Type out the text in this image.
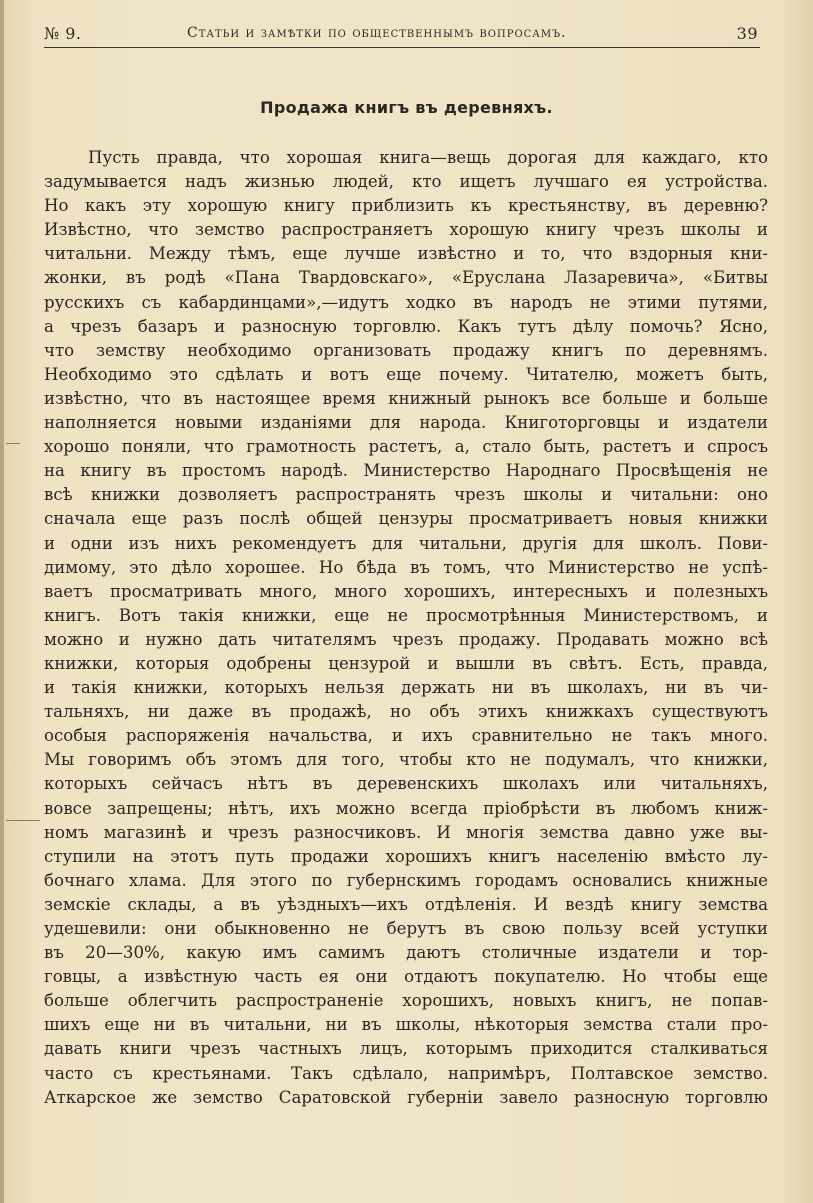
№ 9.	Статьи и замѣтки по общественнымъ вопросамъ.	39
Продажа книгъ въ деревняхъ.
Пусть правда, что хорошая книга—вещь дорогая для каждаго, кто
задумывается надъ жизнью людей, кто ищетъ лучшаго ея устройства.
Но какъ эту хорошую книгу приблизить къ крестьянству, въ деревню?
Извѣстно, что земство распространяетъ хорошую книгу чрезъ школы и
читальни. Между тѣмъ, еще лучше извѣстно и то, что вздорныя кни-
жонки, въ родѣ «Пана Твардовскаго», «Еруслана Лазаревича», «Битвы
русскихъ съ кабардинцами»,—идутъ ходко въ народъ не этими путями,
а чрезъ базаръ и разносную торговлю. Какъ тутъ дѣлу помочь? Ясно,
что земству необходимо организовать продажу книгъ по деревнямъ.
Необходимо это сдѣлать и вотъ еще почему. Читателю, можетъ быть,
извѣстно, что въ настоящее время книжный рынокъ все больше и больше
наполняется новыми изданіями для народа. Книготорговцы и издатели
хорошо поняли, что грамотность растетъ, а, стало быть, растетъ и спросъ
на книгу въ простомъ народѣ. Министерство Народнаго Просвѣщенія не
всѣ книжки дозволяетъ распространять чрезъ школы и читальни: оно
сначала еще разъ послѣ общей цензуры просматриваетъ новыя книжки
и одни изъ нихъ рекомендуетъ для читальни, другія для школъ. Пови-
димому, это дѣло хорошее. Но бѣда въ томъ, что Министерство не успѣ-
ваетъ просматривать много, много хорошихъ, интересныхъ и полезныхъ
книгъ. Вотъ такія книжки, еще не просмотрѣнныя Министерствомъ, и
можно и нужно дать читателямъ чрезъ продажу. Продавать можно всѣ
книжки, которыя одобрены цензурой и вышли въ свѣтъ. Есть, правда,
и такія книжки, которыхъ нельзя держать ни въ школахъ, ни въ чи-
тальняхъ, ни даже въ продажѣ, но объ этихъ книжкахъ существуютъ
особыя распоряженія начальства, и ихъ сравнительно не такъ много.
Мы говоримъ объ этомъ для того, чтобы кто не подумалъ, что книжки,
которыхъ сейчасъ нѣтъ въ деревенскихъ школахъ или читальняхъ,
вовсе запрещены; нѣтъ, ихъ можно всегда пріобрѣсти въ любомъ книж-
номъ магазинѣ и чрезъ разносчиковъ. И многія земства давно уже вы-
ступили на этотъ путь продажи хорошихъ книгъ населенію вмѣсто лу-
бочнаго хлама. Для этого по губернскимъ городамъ основались книжные
земскіе склады, а въ уѣздныхъ—ихъ отдѣленія. И вездѣ книгу земства
удешевили: они обыкновенно не берутъ въ свою пользу всей уступки
въ 20—30%, какую имъ самимъ даютъ столичные издатели и тор-
говцы, а извѣстную часть ея они отдаютъ покупателю. Но чтобы еще
больше облегчить распространеніе хорошихъ, новыхъ книгъ, не попав-
шихъ еще ни въ читальни, ни въ школы, нѣкоторыя земства стали про-
давать книги чрезъ частныхъ лицъ, которымъ приходится сталкиваться
часто съ крестьянами. Такъ сдѣлало, напримѣръ, Полтавское земство.
Аткарское же земство Саратовской губерніи завело разносную торговлю
